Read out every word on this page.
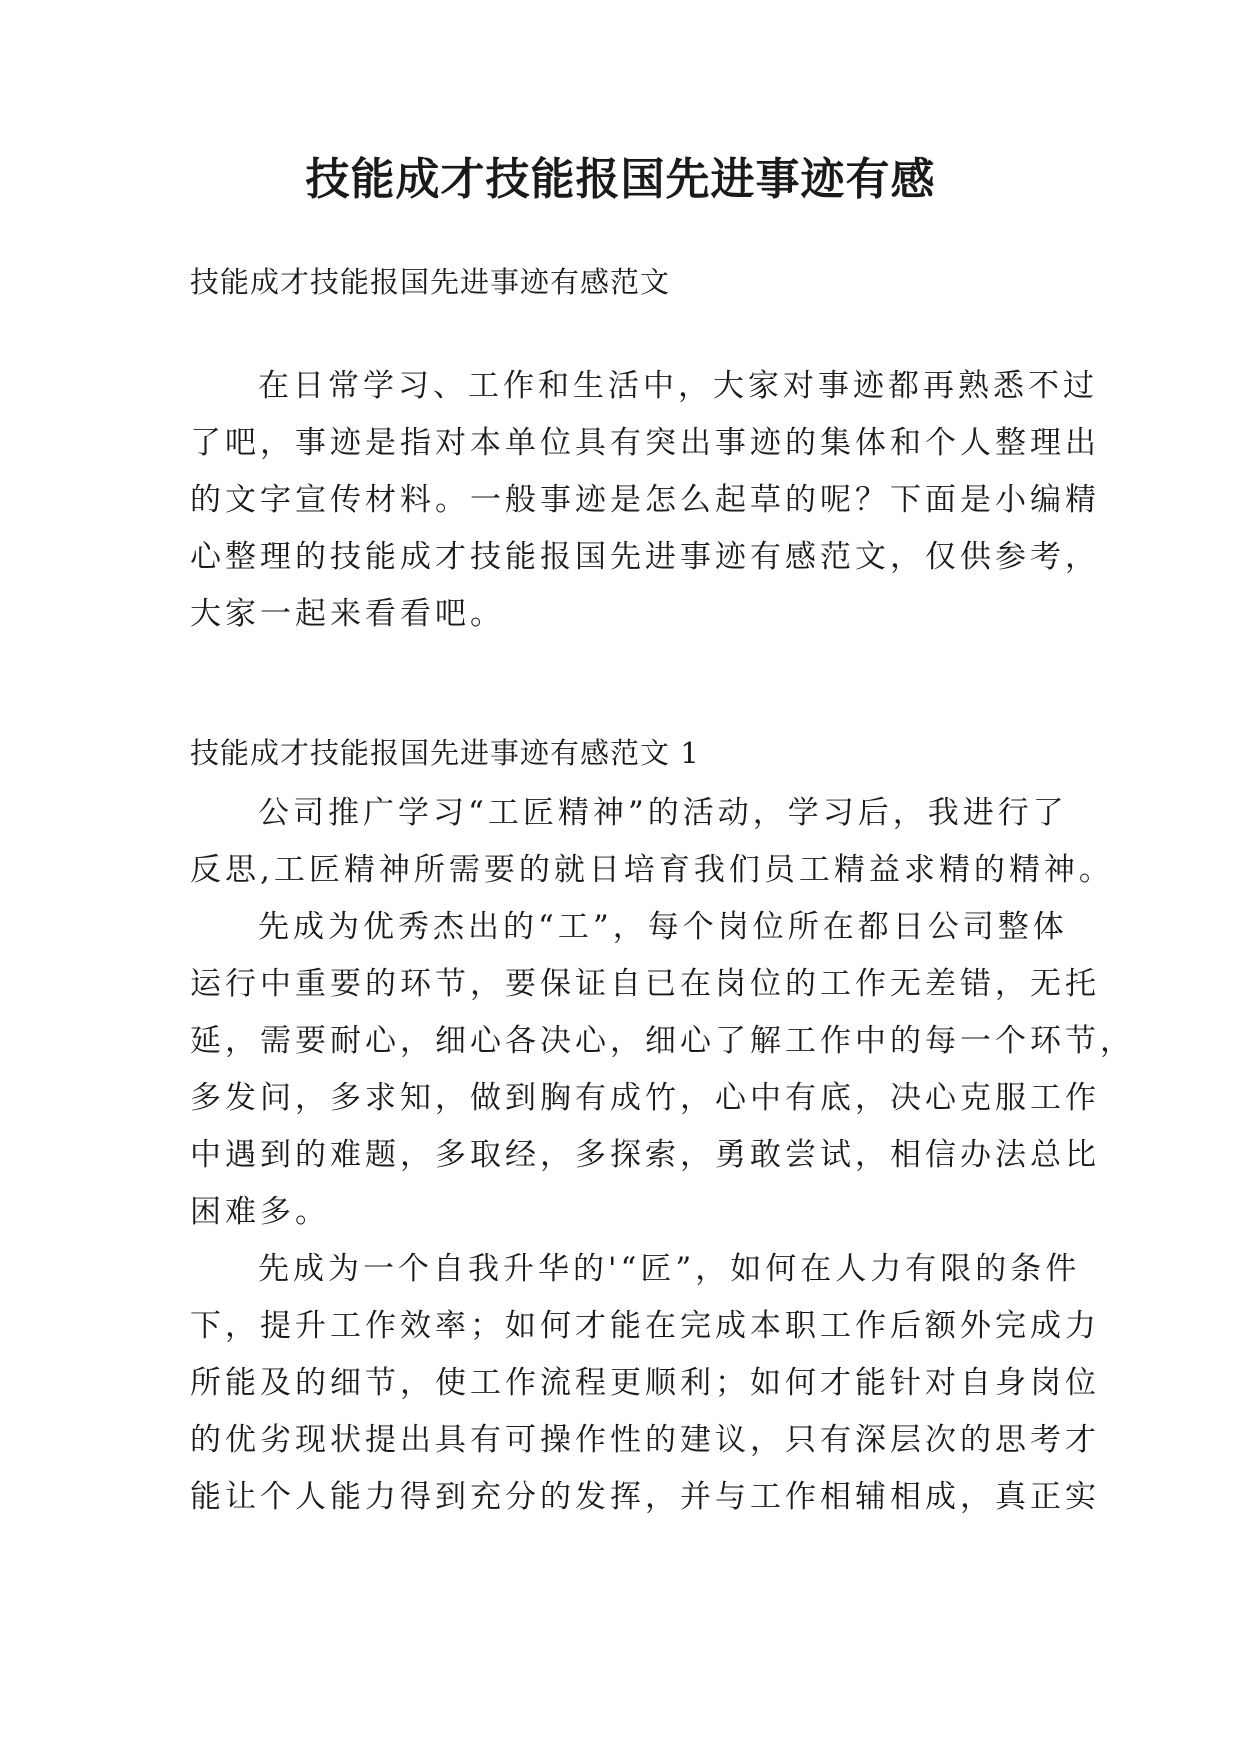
技能成才技能报国先进事迹有感

技能成才技能报国先进事迹有感范文

在日常学习、工作和生活中，大家对事迹都再熟悉不过
了吧，事迹是指对本单位具有突出事迹的集体和个人整理出
的文字宣传材料。一般事迹是怎么起草的呢？下面是小编精
心整理的技能成才技能报国先进事迹有感范文，仅供参考，
大家一起来看看吧。

技能成才技能报国先进事迹有感范文 1

公司推广学习“工匠精神”的活动，学习后，我进行了
反思,工匠精神所需要的就日培育我们员工精益求精的精神。
先成为优秀杰出的“工”，每个岗位所在都日公司整体
运行中重要的环节，要保证自已在岗位的工作无差错，无托
延，需要耐心，细心各决心，细心了解工作中的每一个环节，
多发问，多求知，做到胸有成竹，心中有底，决心克服工作
中遇到的难题，多取经，多探索，勇敢尝试，相信办法总比
困难多。
先成为一个自我升华的'“匠”，如何在人力有限的条件
下，提升工作效率；如何才能在完成本职工作后额外完成力
所能及的细节，使工作流程更顺利；如何才能针对自身岗位
的优劣现状提出具有可操作性的建议，只有深层次的思考才
能让个人能力得到充分的发挥，并与工作相辅相成，真正实
